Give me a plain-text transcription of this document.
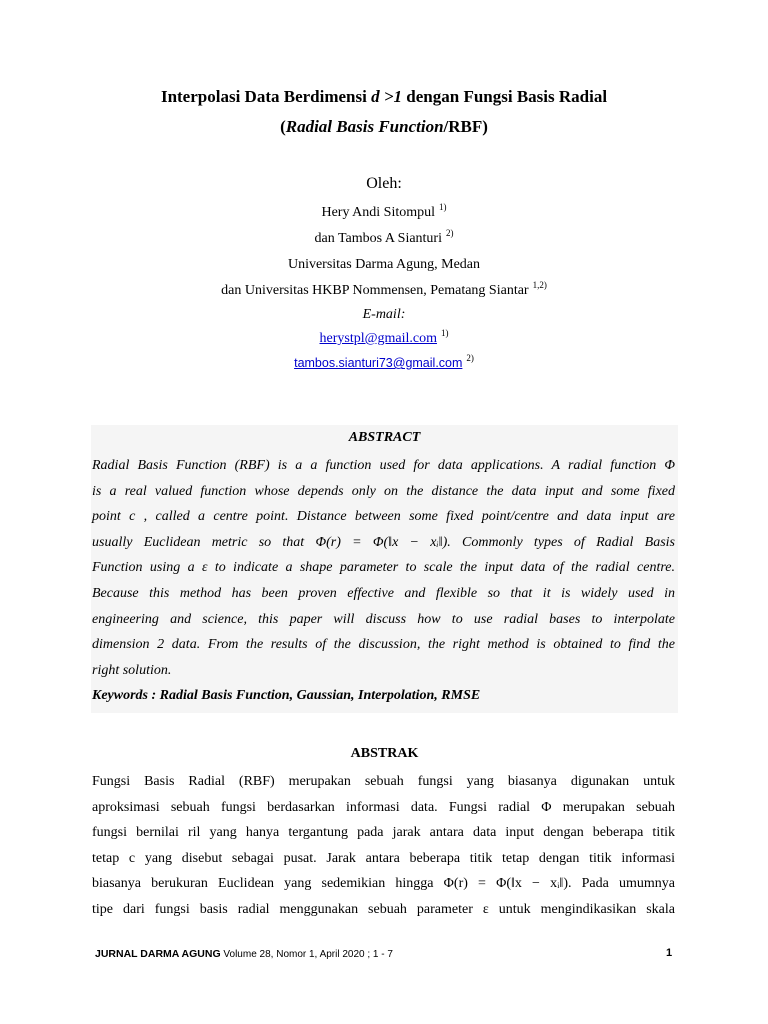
Interpolasi Data Berdimensi d >1 dengan Fungsi Basis Radial
(Radial Basis Function/RBF)
Oleh:
Hery Andi Sitompul $^{1)}$
dan Tambos A Sianturi $^{2)}$
Universitas Darma Agung, Medan
dan Universitas HKBP Nommensen, Pematang Siantar $^{1,2)}$
E-mail:
herystpl@gmail.com $^{1)}$
tambos.sianturi73@gmail.com $^{2)}$
ABSTRACT
Radial Basis Function (RBF) is a a function used for data applications. A radial function Φ
is a real valued function whose depends only on the distance the data input and some fixed
point c , called a centre point. Distance between some fixed point/centre and data input are
usually Euclidean metric so that Φ(r) = Φ(‖x − xᵢ‖). Commonly types of Radial Basis
Function using a ε to indicate a shape parameter to scale the input data of the radial centre.
Because this method has been proven effective and flexible so that it is widely used in
engineering and science, this paper will discuss how to use radial bases to interpolate
dimension 2 data. From the results of the discussion, the right method is obtained to find the
right solution.
Keywords : Radial Basis Function, Gaussian, Interpolation, RMSE
ABSTRAK
Fungsi Basis Radial (RBF) merupakan sebuah fungsi yang biasanya digunakan untuk
aproksimasi sebuah fungsi berdasarkan informasi data. Fungsi radial Φ merupakan sebuah
fungsi bernilai ril yang hanya tergantung pada jarak antara data input dengan beberapa titik
tetap c yang disebut sebagai pusat. Jarak antara beberapa titik tetap dengan titik informasi
biasanya berukuran Euclidean yang sedemikian hingga Φ(r) = Φ(‖x − xᵢ‖). Pada umumnya
tipe dari fungsi basis radial menggunakan sebuah parameter ε untuk mengindikasikan skala
JURNAL DARMA AGUNG Volume 28, Nomor 1, April 2020 ; 1 - 7	1
